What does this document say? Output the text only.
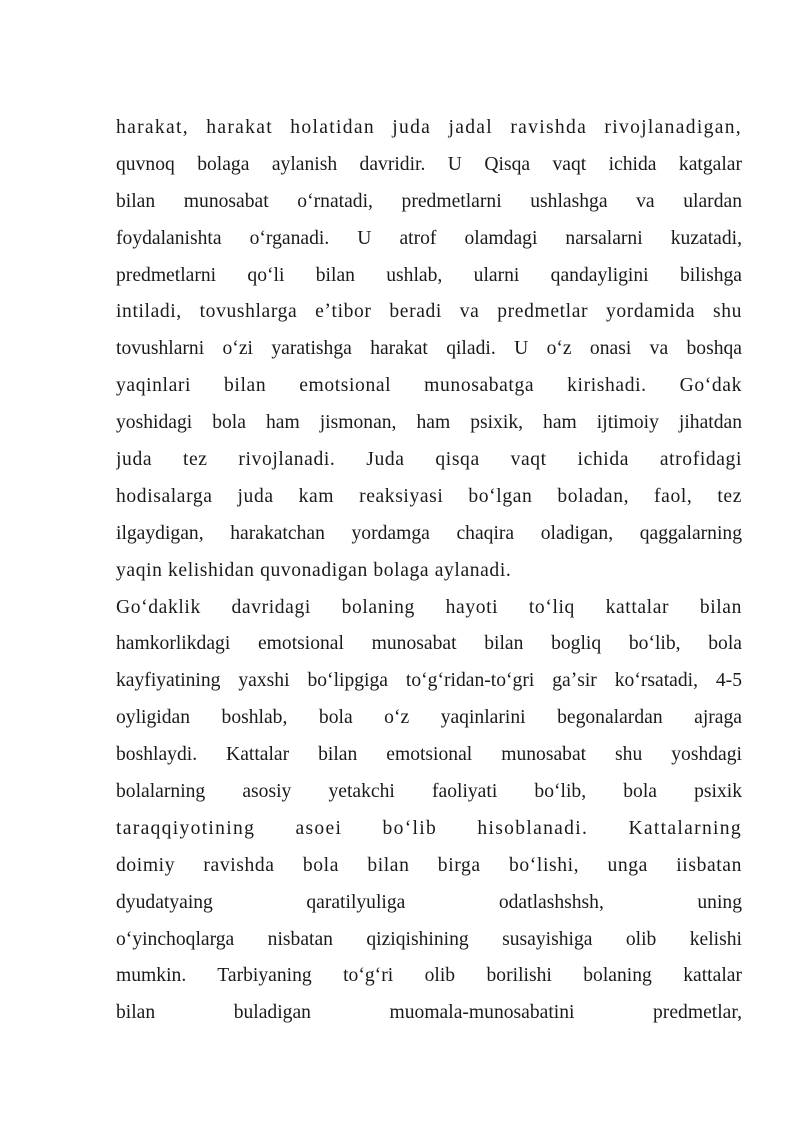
harakat, harakat holatidan juda jadal ravishda rivojlanadigan,
quvnoq bolaga aylanish davridir. U Qisqa vaqt ichida katgalar
bilan munosabat oʻrnatadi, predmetlarni ushlashga va ulardan
foydalanishta oʻrganadi. U atrof olamdagi narsalarni kuzatadi,
predmetlarni qoʻli bilan ushlab, ularni qandayligini bilishga
intiladi, tovushlarga eʼtibor beradi va predmetlar yordamida shu
tovushlarni oʻzi yaratishga harakat qiladi. U oʻz onasi va boshqa
yaqinlari bilan emotsional munosabatga kirishadi. Goʻdak
yoshidagi bola ham jismonan, ham psixik, ham ijtimoiy jihatdan
juda tez rivojlanadi. Juda qisqa vaqt ichida atrofidagi
hodisalarga juda kam reaksiyasi boʻlgan boladan, faol, tez
ilgaydigan, harakatchan yordamga chaqira oladigan, qaggalarning
yaqin kelishidan quvonadigan bolaga aylanadi.
Goʻdaklik davridagi bolaning hayoti toʻliq kattalar bilan
hamkorlikdagi emotsional munosabat bilan bogliq boʻlib, bola
kayfiyatining yaxshi boʻlipgiga toʻgʻridan-toʻgri gaʼsir koʻrsatadi, 4-5
oyligidan boshlab, bola oʻz yaqinlarini begonalardan ajraga
boshlaydi. Kattalar bilan emotsional munosabat shu yoshdagi
bolalarning asosiy yetakchi faoliyati boʻlib, bola psixik
taraqqiyotining asoei boʻlib hisoblanadi. Kattalarning
doimiy ravishda bola bilan birga boʻlishi, unga iisbatan
dyudatyaing qaratilyuliga odatlashshsh, uning
oʻyinchoqlarga nisbatan qiziqishining susayishiga olib kelishi
mumkin. Tarbiyaning toʻgʻri olib borilishi bolaning kattalar
bilan buladigan muomala-munosabatini predmetlar,
